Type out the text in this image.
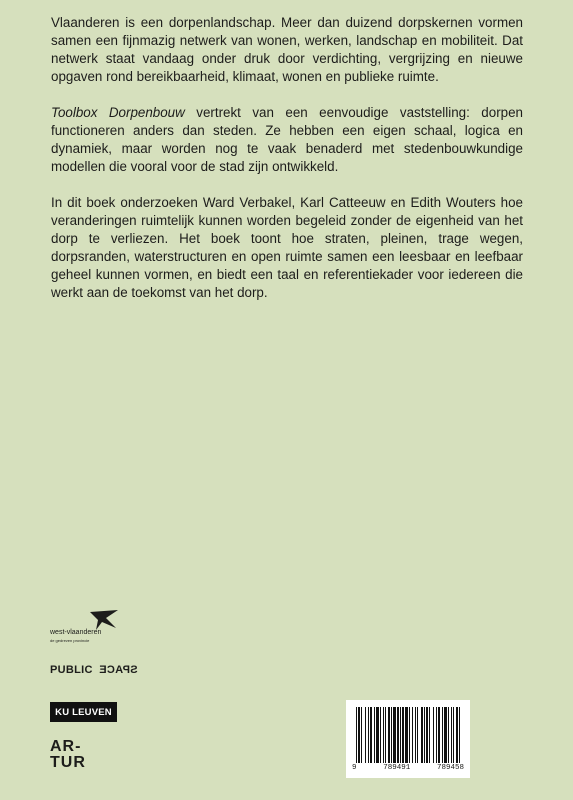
Vlaanderen is een dorpenlandschap. Meer dan duizend dorpskernen vormen samen een fijnmazig netwerk van wonen, werken, landschap en mobiliteit. Dat netwerk staat vandaag onder druk door verdichting, vergrijzing en nieuwe opgaven rond bereikbaarheid, klimaat, wonen en publieke ruimte.

Toolbox Dorpenbouw vertrekt van een eenvoudige vaststelling: dorpen functioneren anders dan steden. Ze hebben een eigen schaal, logica en dynamiek, maar worden nog te vaak benaderd met stedenbouwkundige modellen die vooral voor de stad zijn ontwikkeld.

In dit boek onderzoeken Ward Verbakel, Karl Catteeuw en Edith Wouters hoe veranderingen ruimtelijk kunnen worden begeleid zonder de eigenheid van het dorp te verliezen. Het boek toont hoe straten, pleinen, trage wegen, dorpsranden, waterstructuren en open ruimte samen een leesbaar en leefbaar geheel kunnen vormen, en biedt een taal en referentiekader voor iedereen die werkt aan de toekomst van het dorp.

west-vlaanderen
de gedreven provincie
PUBLIC SPACE
KU LEUVEN
AR-
TUR	9	789491	789458
